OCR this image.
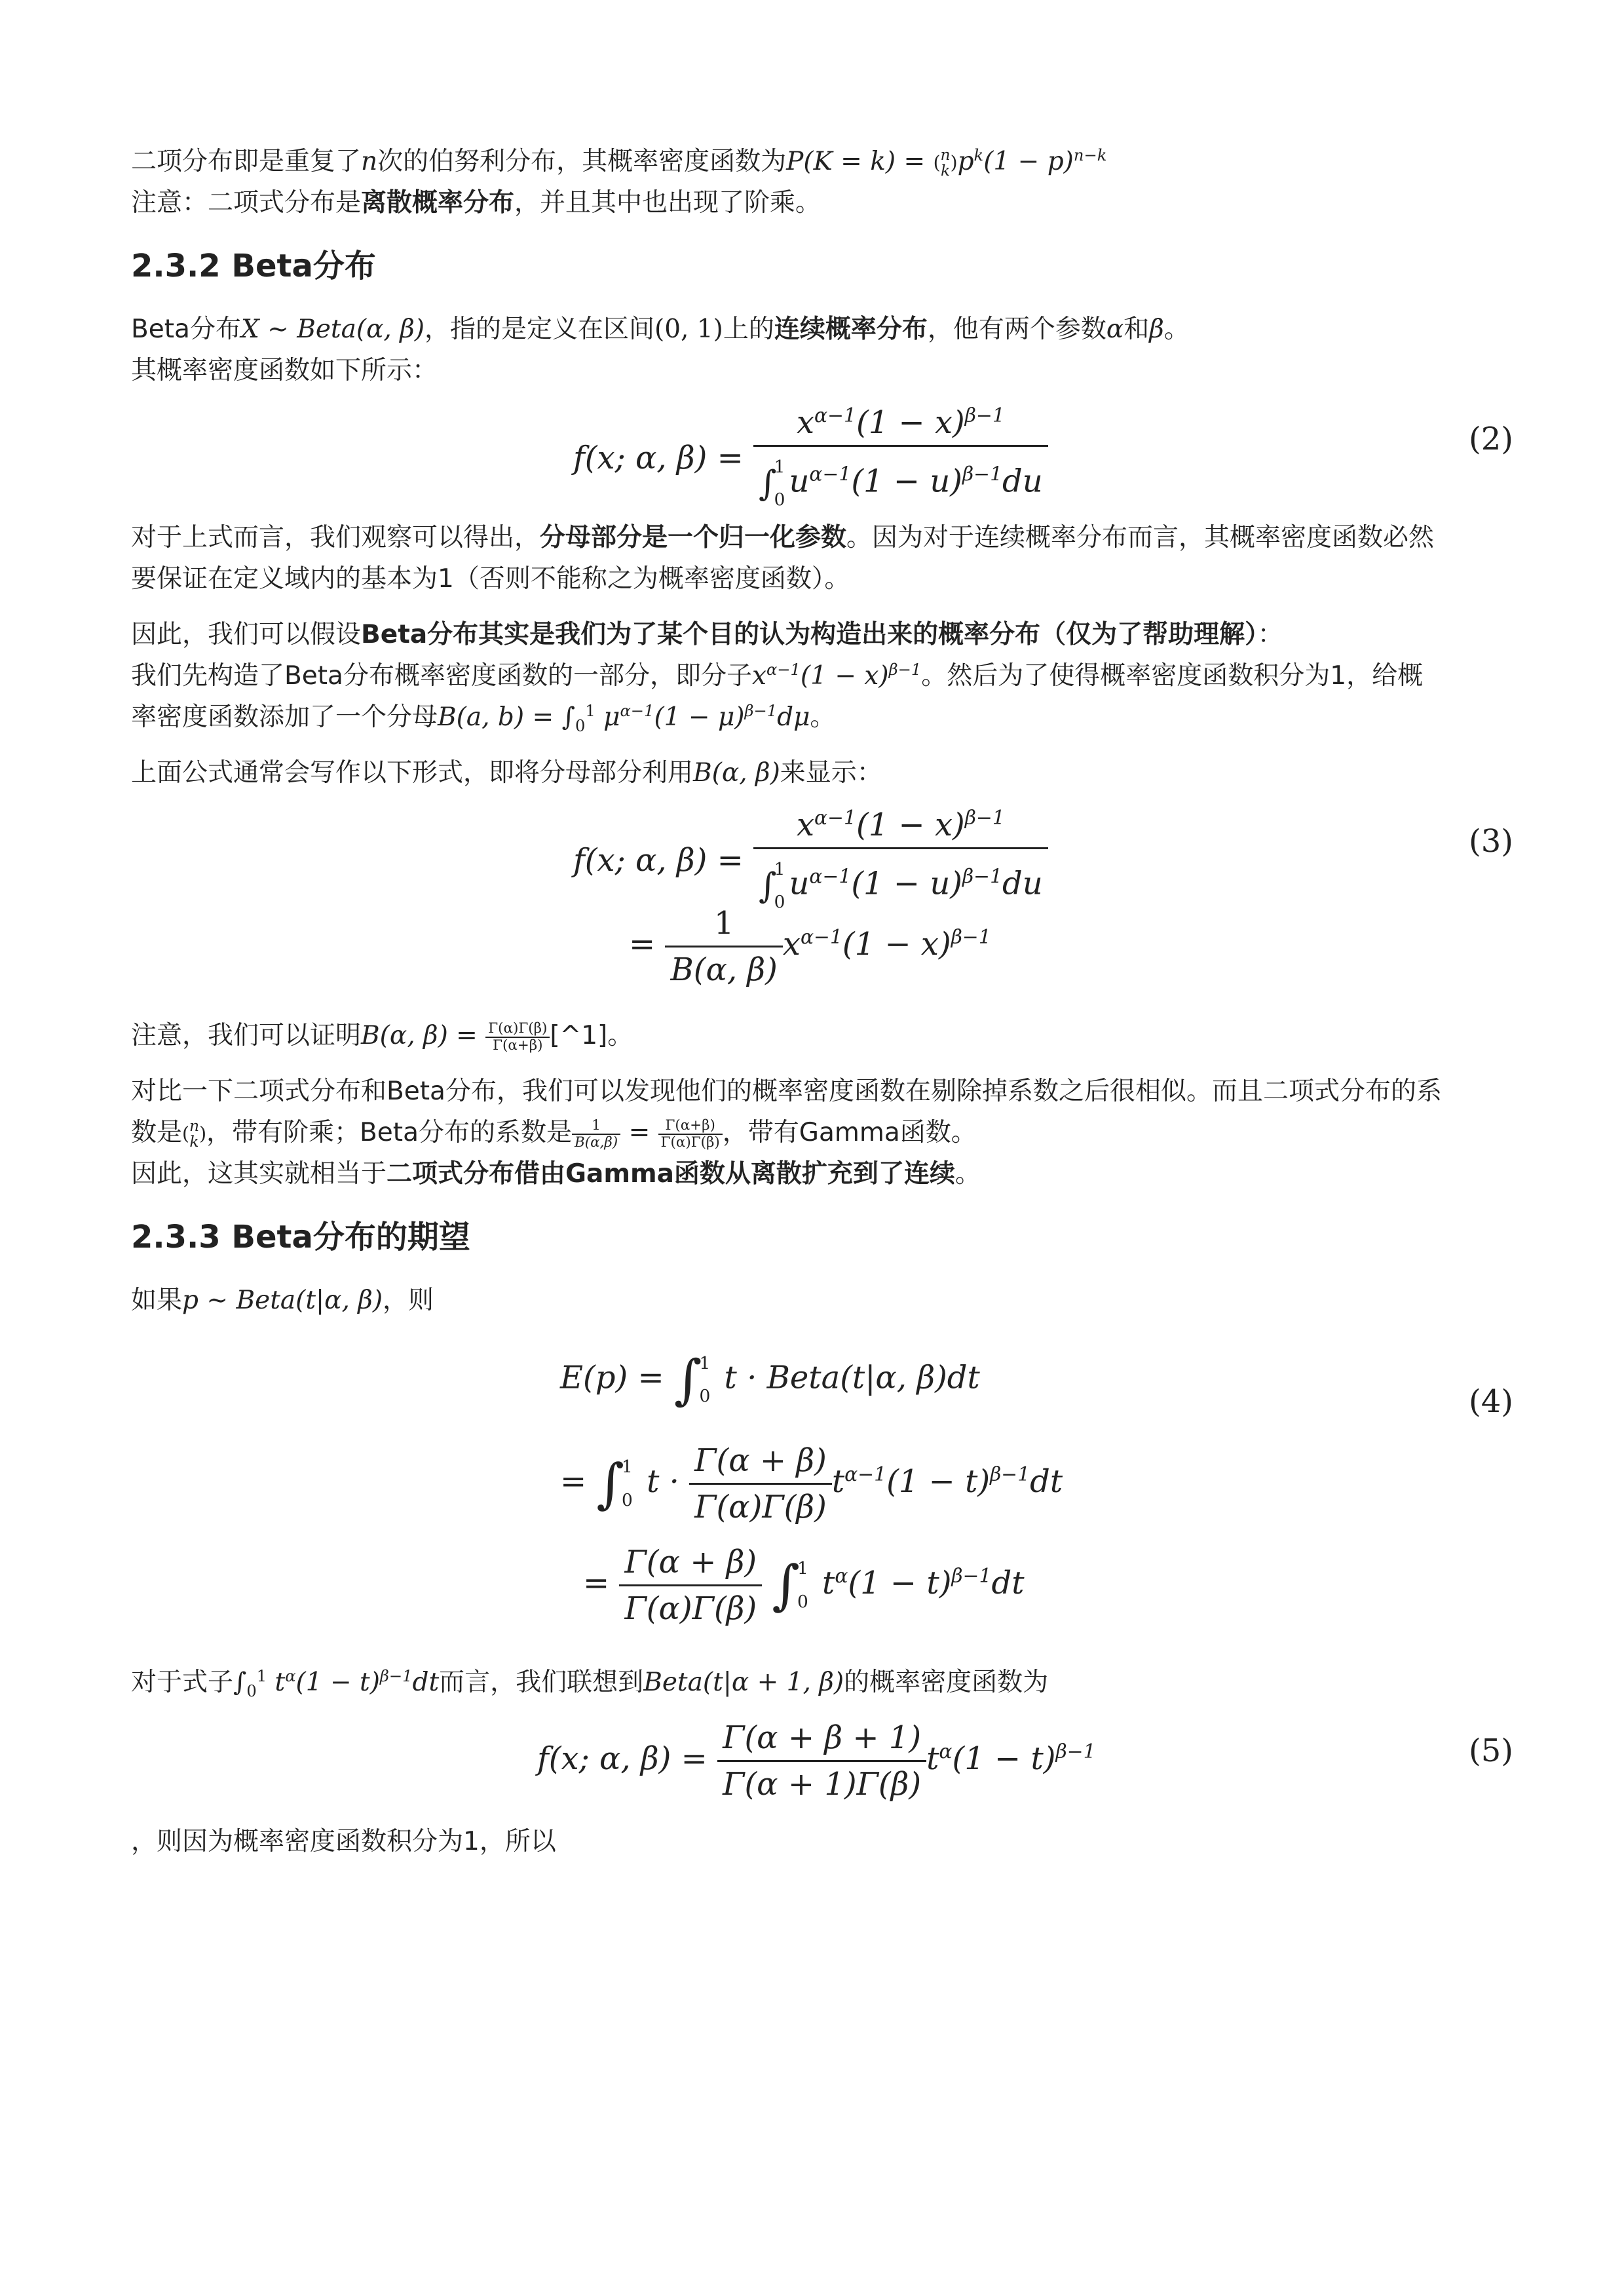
二项分布即是重复了n次的伯努利分布，其概率密度函数为P(K = k) = ( n
k )$p^k(1 - p)^{n-k}$

注意：二项式分布是离散概率分布，并且其中也出现了阶乘。

2.3.2 Beta分布

Beta分布X ∼ Beta(α, β)，指的是定义在区间(0, 1)上的连续概率分布，他有两个参数α和β。

其概率密度函数如下所示：

f(x; α, $\beta) = x^{\alpha-1}(1 - x)^{\beta-1}$
∫
1
0 $u^{\alpha-1}(1 - u)^{\beta-1}du$	(2)

对于上式而言，我们观察可以得出，分母部分是一个归一化参数。因为对于连续概率分布而言，其概率密度函数必然

要保证在定义域内的基本为1（否则不能称之为概率密度函数）。

因此，我们可以假设Beta分布其实是我们为了某个目的认为构造出来的概率分布（仅为了帮助理解）：

我们先构造了Beta分布概率密度函数的一部分，即分子$x^{\alpha-1}(1 - x)^{\beta-1}$。然后为了使得概率密度函数积分为1，给概

率密度函数添加了一个分母B(a, $b) = \int_0^1$ $\mu^{\alpha-1}(1 - \mu)^{\beta-1}d\mu$。

上面公式通常会写作以下形式，即将分母部分利用B(α, β)来显示：

f(x; α, $\beta) = x^{\alpha-1}(1 - x)^{\beta-1}$
∫
1
0 $u^{\alpha-1}(1 - u)^{\beta-1}du$
= $\frac{1}{B(\alpha, \beta)} x^{\alpha-1}(1 - x)^{\beta-1}$
(3)

注意，我们可以证明B(α, $\beta) = \frac{\Gamma(\alpha)\Gamma(\beta)}{\Gamma(\alpha+\beta)}$ [^1]。

对比一下二项式分布和Beta分布，我们可以发现他们的概率密度函数在剔除掉系数之后很相似。而且二项式分布的系

数是( n
k )，带有阶乘；Beta分布的系数是 $\frac{1}{B(\alpha,\beta)} = \frac{\Gamma(\alpha+\beta)}{\Gamma(\alpha)\Gamma(\beta)}$ ，带有Gamma函数。

因此，这其实就相当于二项式分布借由Gamma函数从离散扩充到了连续。

2.3.3 Beta分布的期望

如果p ∼ Beta(t|α, β)，则

E(p) = ∫
1
0 t · Beta(t|α, β)dt
= ∫
1
0 $t \cdot \frac{\Gamma(\alpha + \beta)}{\Gamma(\alpha)\Gamma(\beta)} t^{\alpha-1}(1 - t)^{\beta-1}dt$
= $\frac{\Gamma(\alpha + \beta)}{\Gamma(\alpha)\Gamma(\beta)}$ ∫
1
0 $t^\alpha(1 - t)^{\beta-1}dt$
(4)

对于式子$\int_0^1$ $t^\alpha(1 - t)^{\beta-1}dt$而言，我们联想到Beta(t|α + 1, β)的概率密度函数为

f(x; α, $\beta) = \frac{\Gamma(\alpha + \beta + 1)}{\Gamma(\alpha + 1)\Gamma(\beta)} t^\alpha(1 - t)^{\beta-1}$	(5)

，则因为概率密度函数积分为1，所以
